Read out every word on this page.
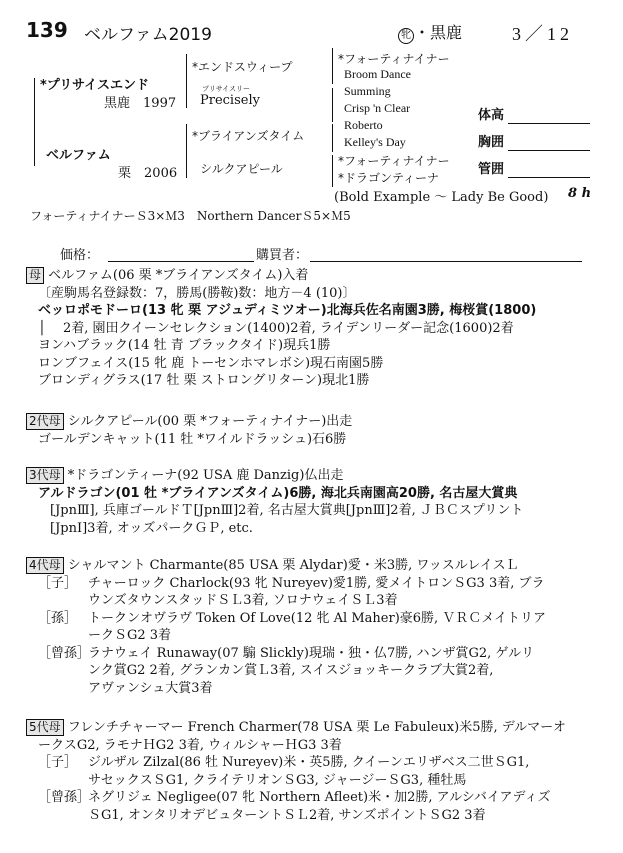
139 ベルファム2019	牝 ・黒鹿	3／12
*プリサイスエンド
黒鹿　 1997
ベルファム
栗　 2006
*エンドスウィープ
プリサイスリー
Precisely
*ブライアンズタイム
シルクアピール
*フォーティナイナー
Broom Dance
Summing
Crisp 'n Clear
Roberto
Kelley's Day
*フォーティナイナー
*ドラゴンティーナ
体高
胸囲
管囲
(Bold Example ～ Lady Be Good) 8 h
フォーティナイナーＳ3×Ｍ3　Northern DancerＳ5×Ｍ5
価格：	購買者：
母 ベルファム(06 栗 *ブライアンズタイム)入着
〔産駒馬名登録数：7，勝馬(勝鞍)数：地方－4 (10)〕
ベッロポモドーロ(13 牝 栗 アジュディミツオー)北海兵佐名南園3勝, 梅桜賞(1800)
│　 2着, 園田クイーンセレクション(1400)2着, ライデンリーダー記念(1600)2着
ヨンハブラック(14 牡 青 ブラックタイド)現兵1勝
ロンブフェイス(15 牝 鹿 トーセンホマレボシ)現石南園5勝
ブロンディグラス(17 牡 栗 ストロングリターン)現北1勝
2代母 シルクアピール(00 栗 *フォーティナイナー)出走
ゴールデンキャット(11 牡 *ワイルドラッシュ)石6勝
3代母 *ドラゴンティーナ(92 USA 鹿 Danzig)仏出走
アルドラゴン(01 牡 *ブライアンズタイム)6勝, 海北兵南園高20勝, 名古屋大賞典
[JpnⅢ], 兵庫ゴールドＴ[JpnⅢ]2着, 名古屋大賞典[JpnⅢ]2着, ＪＢＣスプリント
[JpnⅠ]3着, オッズパークＧＰ, etc.
4代母 シャルマント Charmante(85 USA 栗 Alydar)愛・米3勝, ワッスルレイスＬ
［子］ チャーロック Charlock(93 牝 Nureyev)愛1勝, 愛メイトロンＳG3 3着, ブラ
ウンズタウンスタッドＳＬ3着, ソロナウェイＳＬ3着
［孫］ トークンオヴラヴ Token Of Love(12 牝 Al Maher)豪6勝, ＶＲＣメイトリア
ークＳG2 3着
［曾孫］ラナウェイ Runaway(07 騸 Slickly)現瑞・独・仏7勝, ハンザ賞G2, ゲルリ
ンク賞G2 2着, グランカン賞Ｌ3着, スイスジョッキークラブ大賞2着,
アヴァンシュ大賞3着
5代母 フレンチチャーマー French Charmer(78 USA 栗 Le Fabuleux)米5勝, デルマーオ
ークスG2, ラモナＨG2 3着, ウィルシャーＨG3 3着
［子］ ジルザル Zilzal(86 牡 Nureyev)米・英5勝, クイーンエリザベス二世ＳG1,
サセックスＳG1, クライテリオンＳG3, ジャージーＳG3, 種牡馬
［曾孫］ネグリジェ Negligee(07 牝 Northern Afleet)米・加2勝, アルシバイアディズ
ＳG1, オンタリオデビュターントＳＬ2着, サンズポイントＳG2 3着
